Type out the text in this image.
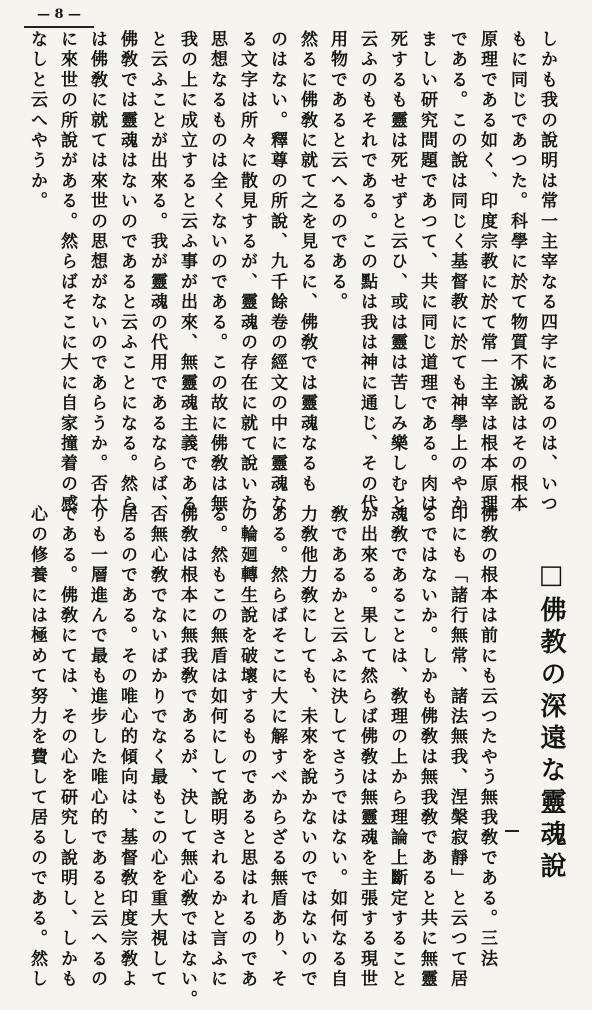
— 8 —
しかも我の說明は常一主宰なる四字にあるのは、いつ
もに同じであつた。科學に於て物質不滅說はその根本
原理である如く、印度宗教に於て常一主宰は根本原理
である。この說は同じく基督教に於ても神學上のやか
ましい研究問題であつて、共に同じ道理である。肉は
死するも靈は死せずと云ひ、或は靈は苦しみ樂しむと
云ふのもそれである。この點は我は神に通じ、その代
用物であると云へるのである。
然るに佛敎に就て之を見るに、佛敎では靈魂なるも
のはない。釋尊の所說、九千餘卷の經文の中に靈魂な
る文字は所々に散見するが、靈魂の存在に就て說いた
思想なるものは全くないのである。この故に佛敎は無
我の上に成立すると云ふ事が出來、無靈魂主義である
と云ふことが出來る。我が靈魂の代用であるならば、
佛敎では靈魂はないのであると云ふことになる。然ら
は佛敎に就ては來世の思想がないのであらうか。否大
に來世の所說がある。然らばそこに大に自家撞着の感
なしと云へやうか。
□佛教の深遠な靈魂說
佛敎の根本は前にも云つたやう無我敎である。三法
印にも「諸行無常、諸法無我、涅槃寂靜」と云つて居
るではないか。しかも佛敎は無我敎であると共に無靈
魂敎であることは、敎理の上から理論上斷定すること
が出來る。果して然らば佛敎は無靈魂を主張する現世
敎であるかと云ふに決してさうではない。如何なる自
力敎他力敎にしても、未來を說かないのではないので
ある。然らばそこに大に解すべからざる無盾あり、そ
の輪廻轉生說を破壞するものであると思はれるのであ
る。然もこの無盾は如何にして說明されるかと言ふに
佛敎は根本に無我敎であるが、決して無心敎ではない。
否無心敎でないばかりでなく最もこの心を重大視して
居るのである。その唯心的傾向は、基督敎印度宗敎よ
りも一層進んで最も進步した唯心的であると云へるの
である。佛敎にては、その心を研究し說明し、しかも
心の修養には極めて努力を費して居るのである。然し
